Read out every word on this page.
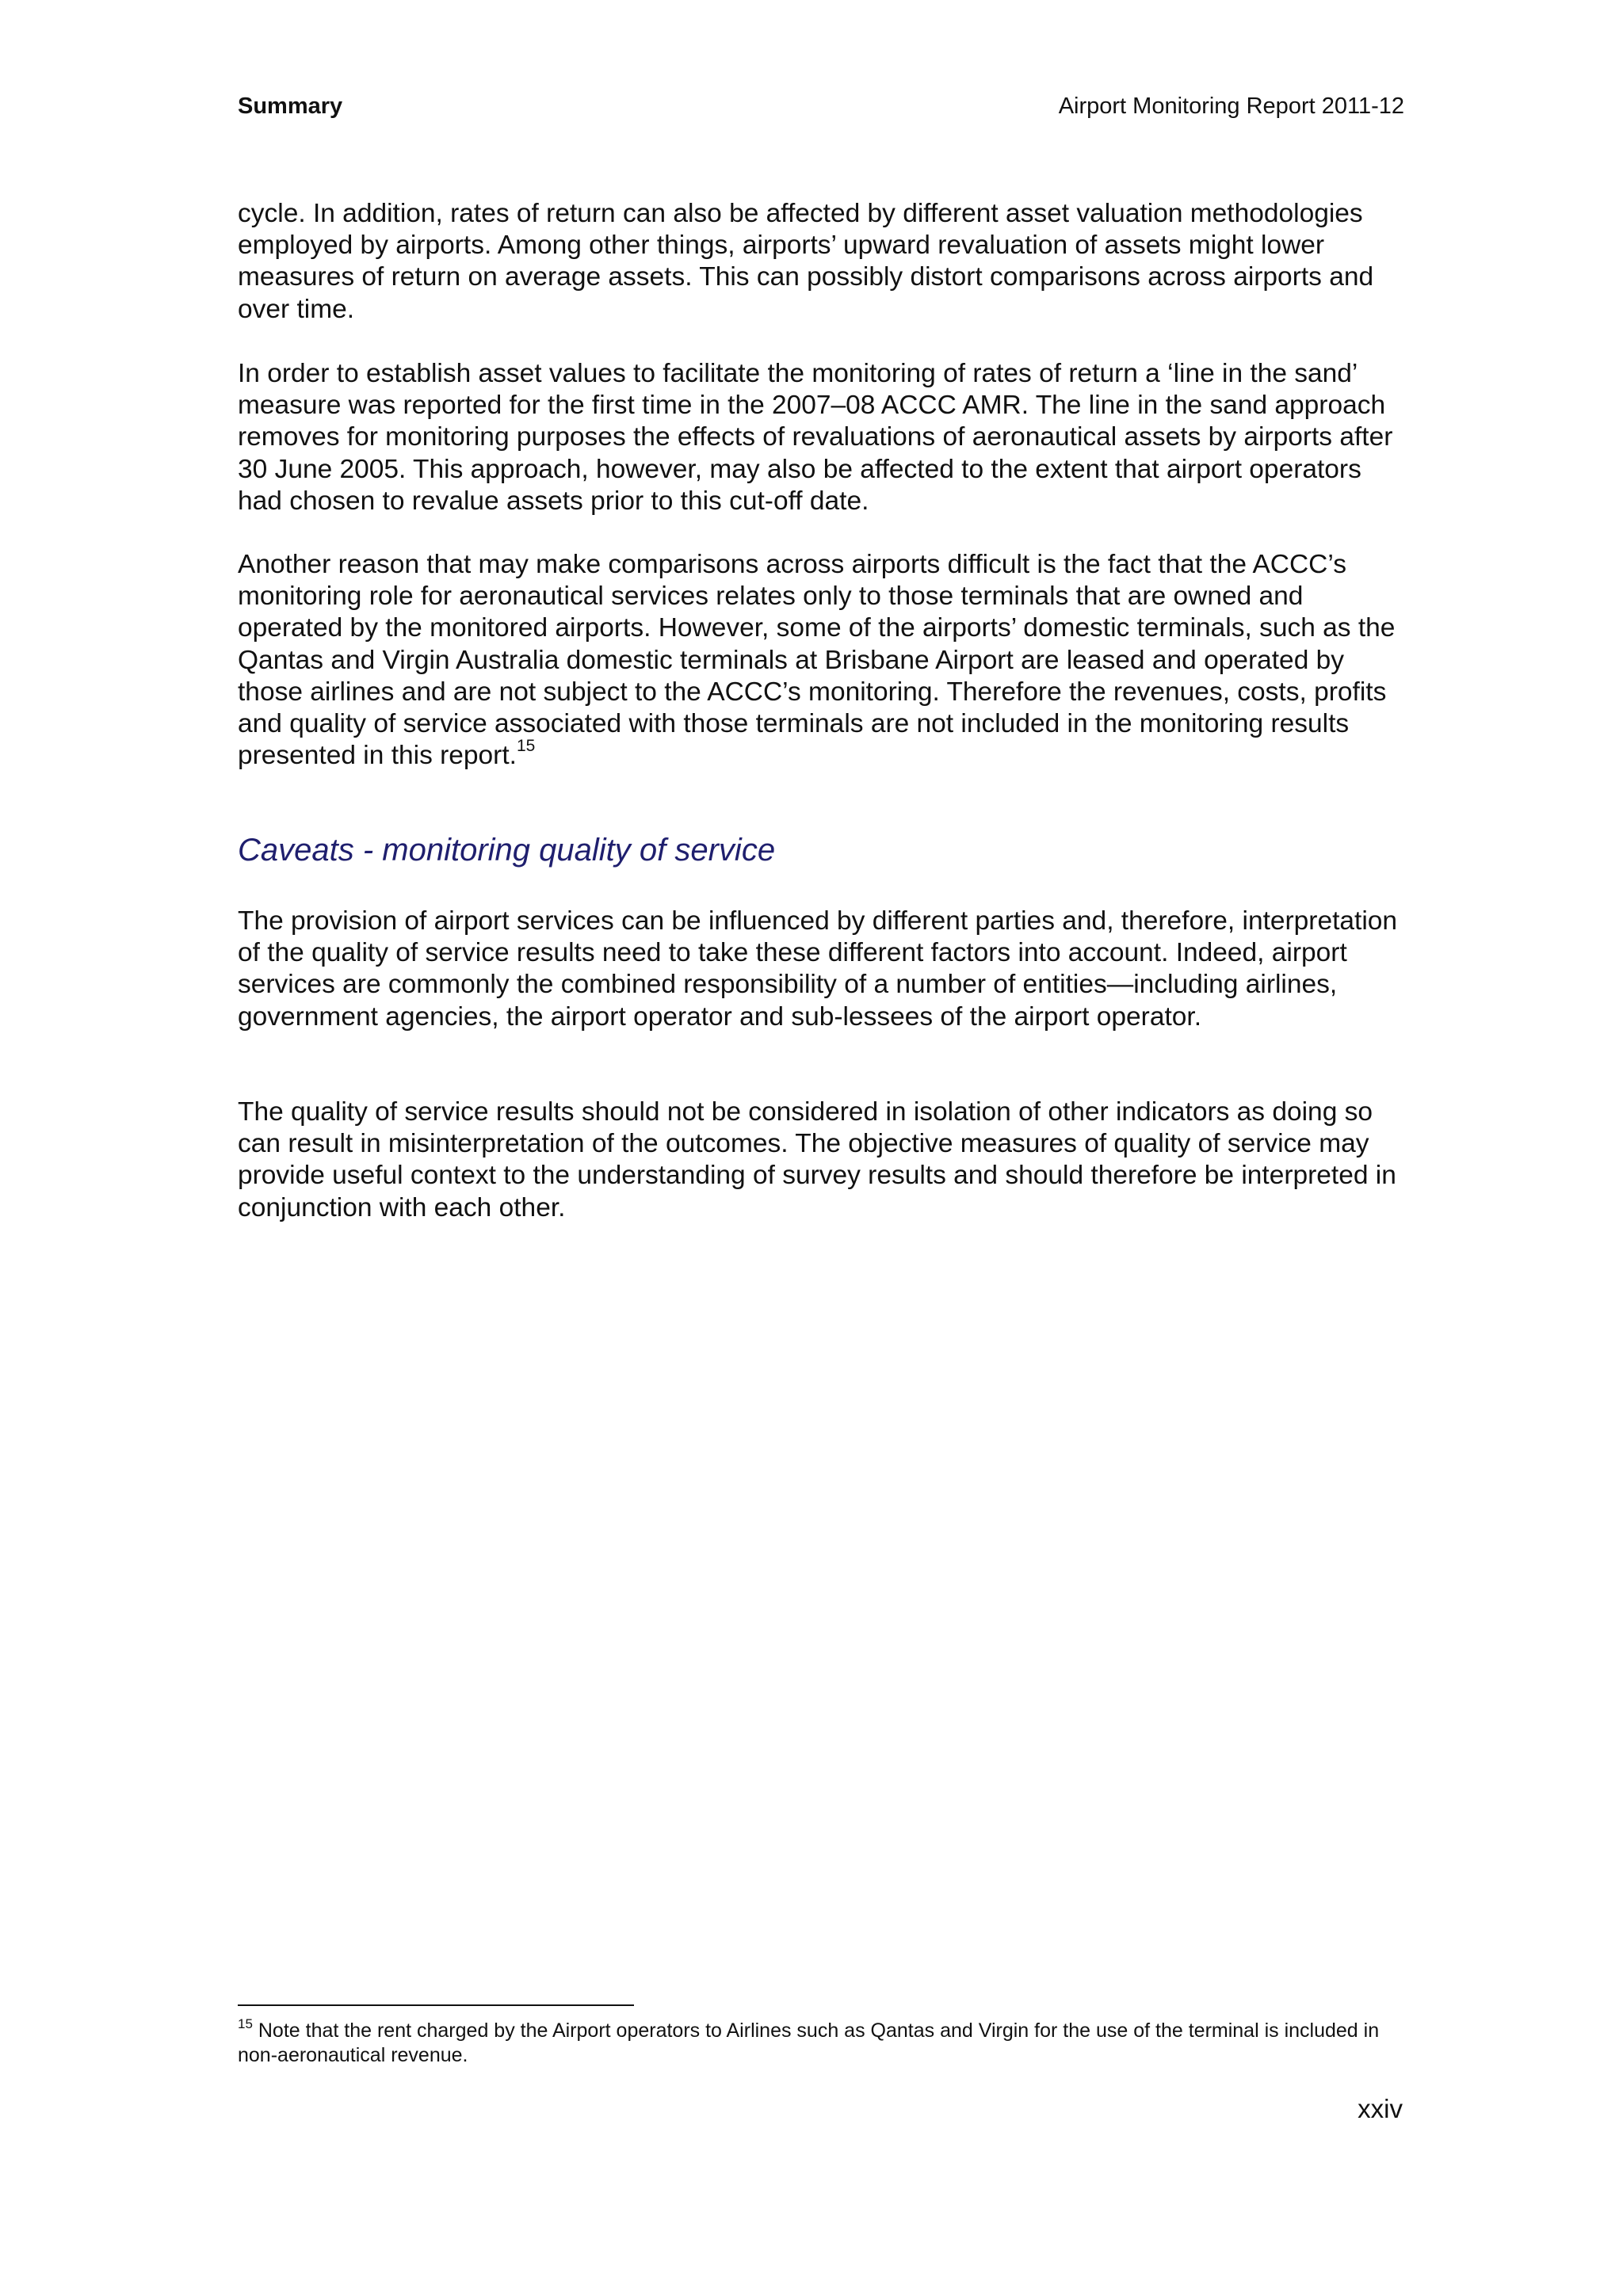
Summary	Airport Monitoring Report 2011-12

cycle. In addition, rates of return can also be affected by different asset valuation methodologies employed by airports. Among other things, airports’ upward revaluation of assets might lower measures of return on average assets. This can possibly distort comparisons across airports and over time.

In order to establish asset values to facilitate the monitoring of rates of return a ‘line in the sand’ measure was reported for the first time in the 2007–08 ACCC AMR. The line in the sand approach removes for monitoring purposes the effects of revaluations of aeronautical assets by airports after 30 June 2005. This approach, however, may also be affected to the extent that airport operators had chosen to revalue assets prior to this cut-off date.

Another reason that may make comparisons across airports difficult is the fact that the ACCC’s monitoring role for aeronautical services relates only to those terminals that are owned and operated by the monitored airports. However, some of the airports’ domestic terminals, such as the Qantas and Virgin Australia domestic terminals at Brisbane Airport are leased and operated by those airlines and are not subject to the ACCC’s monitoring. Therefore the revenues, costs, profits and quality of service associated with those terminals are not included in the monitoring results presented in this report.$^{15}$

Caveats - monitoring quality of service

The provision of airport services can be influenced by different parties and, therefore, interpretation of the quality of service results need to take these different factors into account. Indeed, airport services are commonly the combined responsibility of a number of entities—including airlines, government agencies, the airport operator and sub-lessees of the airport operator.

The quality of service results should not be considered in isolation of other indicators as doing so can result in misinterpretation of the outcomes. The objective measures of quality of service may provide useful context to the understanding of survey results and should therefore be interpreted in conjunction with each other.

$^{15}$ Note that the rent charged by the Airport operators to Airlines such as Qantas and Virgin for the use of the terminal is included in non-aeronautical revenue.

xxiv
